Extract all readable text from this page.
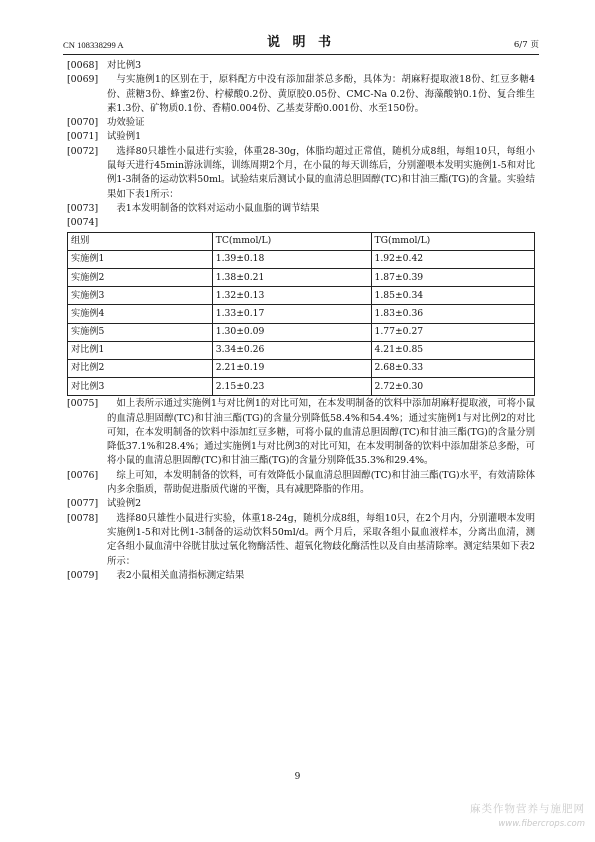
CN 108338299 A	说 明 书	6/7 页
[0068] 对比例3
[0069]	与实施例1的区别在于，原料配方中没有添加甜茶总多酚，具体为：胡麻籽提取液18份、红豆多糖4份、蔗糖3份、蜂蜜2份、柠檬酸0.2份、黄原胶0.05份、CMC-Na 0.2份、海藻酸钠0.1份、复合维生素1.3份、矿物质0.1份、香精0.004份、乙基麦芽酚0.001份、水至150份。
[0070] 功效验证
[0071] 试验例1
[0072]	选择80只雄性小鼠进行实验，体重28-30g，体脂均超过正常值，随机分成8组，每组10只，每组小鼠每天进行45min游泳训练，训练周期2个月，在小鼠的每天训练后，分别灌喂本发明实施例1-5和对比例1-3制备的运动饮料50ml。试验结束后测试小鼠的血清总胆固醇(TC)和甘油三酯(TG)的含量。实验结果如下表1所示：
[0073]	表1本发明制备的饮料对运动小鼠血脂的调节结果
[0074]

组别	TC(mmol/L)	TG(mmol/L)
实施例1	1.39±0.18	1.92±0.42
实施例2	1.38±0.21	1.87±0.39
实施例3	1.32±0.13	1.85±0.34
实施例4	1.33±0.17	1.83±0.36
实施例5	1.30±0.09	1.77±0.27
对比例1	3.34±0.26	4.21±0.85
对比例2	2.21±0.19	2.68±0.33
对比例3	2.15±0.23	2.72±0.30
[0075]	如上表所示通过实施例1与对比例1的对比可知，在本发明制备的饮料中添加胡麻籽提取液，可将小鼠的血清总胆固醇(TC)和甘油三酯(TG)的含量分别降低58.4%和54.4%；通过实施例1与对比例2的对比可知，在本发明制备的饮料中添加红豆多糖，可将小鼠的血清总胆固醇(TC)和甘油三酯(TG)的含量分别降低37.1%和28.4%；通过实施例1与对比例3的对比可知，在本发明制备的饮料中添加甜茶总多酚，可将小鼠的血清总胆固醇(TC)和甘油三酯(TG)的含量分别降低35.3%和29.4%。
[0076]	综上可知，本发明制备的饮料，可有效降低小鼠血清总胆固醇(TC)和甘油三酯(TG)水平，有效清除体内多余脂质，帮助促进脂质代谢的平衡，具有减肥降脂的作用。
[0077] 试验例2
[0078]	选择80只雄性小鼠进行实验，体重18-24g，随机分成8组，每组10只，在2个月内，分别灌喂本发明实施例1-5和对比例1-3制备的运动饮料50ml/d。两个月后，采取各组小鼠血液样本，分离出血清，测定各组小鼠血清中谷胱甘肽过氧化物酶活性、超氧化物歧化酶活性以及自由基清除率。测定结果如下表2所示：
[0079]	表2小鼠相关血清指标测定结果
9
麻类作物营养与施肥网
www.fibercrops.com
